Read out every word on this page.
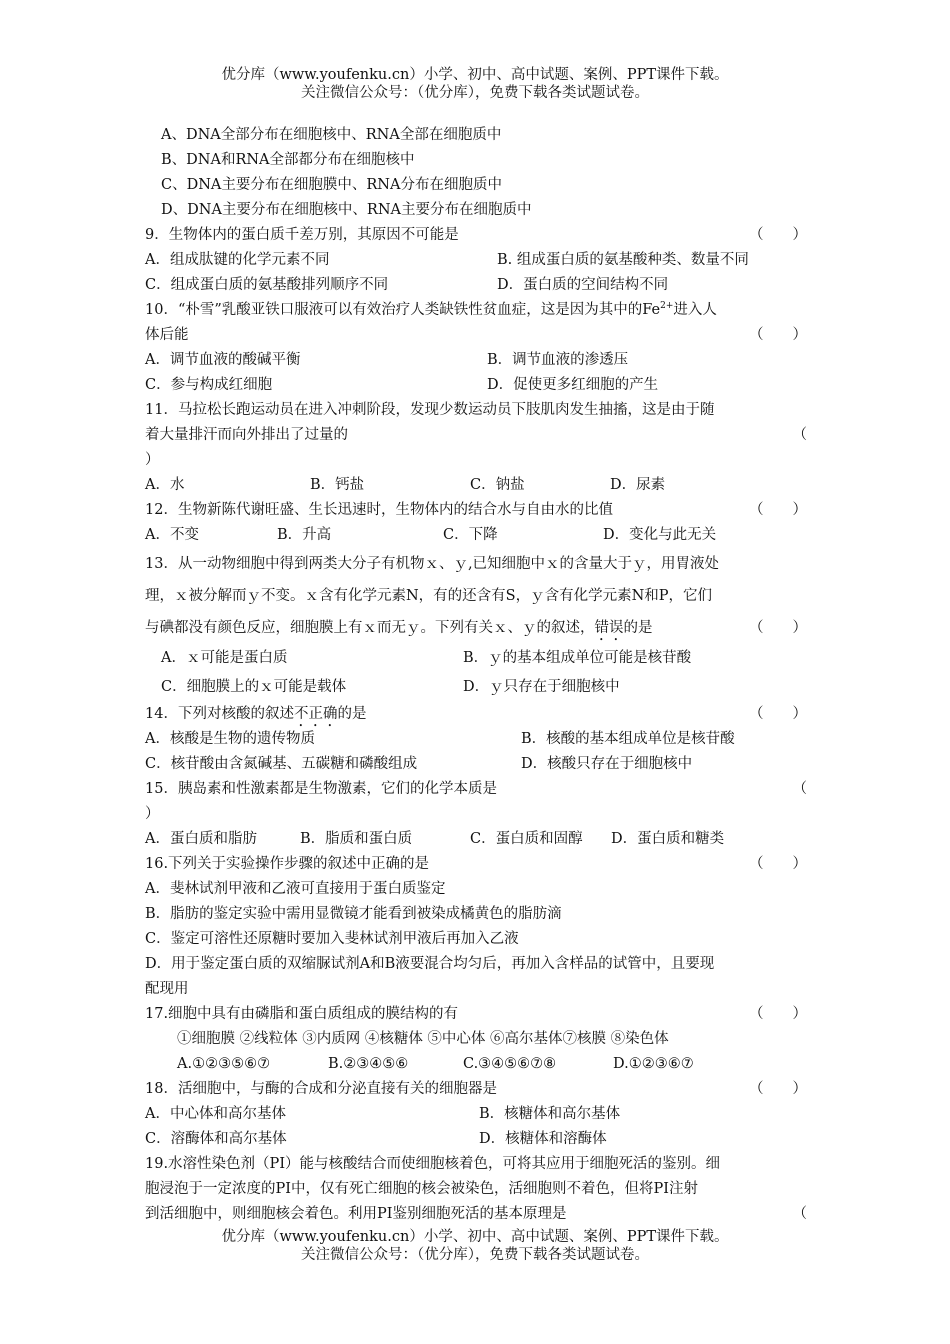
优分库（www.youfenku.cn）小学、初中、高中试题、案例、PPT课件下载。
关注微信公众号：（优分库），免费下载各类试题试卷。
A、DNA全部分布在细胞核中、RNA全部在细胞质中
B、DNA和RNA全部都分布在细胞核中
C、DNA主要分布在细胞膜中、RNA分布在细胞质中
D、DNA主要分布在细胞核中、RNA主要分布在细胞质中
9．生物体内的蛋白质千差万别，其原因不可能是	（　　）
A．组成肽键的化学元素不同	B. 组成蛋白质的氨基酸种类、数量不同
C．组成蛋白质的氨基酸排列顺序不同	D．蛋白质的空间结构不同
10．“朴雪”乳酸亚铁口服液可以有效治疗人类缺铁性贫血症，这是因为其中的$Fe^{2+}$进入人
体后能	（　　）
A．调节血液的酸碱平衡	B．调节血液的渗透压
C．参与构成红细胞	D．促使更多红细胞的产生
11．马拉松长跑运动员在进入冲刺阶段，发现少数运动员下肢肌肉发生抽搐，这是由于随
着大量排汗而向外排出了过量的	（
）
A．水	B．钙盐	C．钠盐	D．尿素
12．生物新陈代谢旺盛、生长迅速时，生物体内的结合水与自由水的比值	（　　）
A．不变	B．升高	C．下降	D．变化与此无关
13．从一动物细胞中得到两类大分子有机物ｘ、ｙ,已知细胞中ｘ的含量大于ｙ，用胃液处
理，ｘ被分解而ｙ不变。ｘ含有化学元素N，有的还含有S，ｙ含有化学元素N和P，它们
与碘都没有颜色反应，细胞膜上有ｘ而无ｙ。下列有关ｘ、ｙ的叙述，错误的是	（　　）
A．ｘ可能是蛋白质	B．ｙ的基本组成单位可能是核苷酸
C．细胞膜上的ｘ可能是载体	D．ｙ只存在于细胞核中
14．下列对核酸的叙述不正确的是	（　　）
A．核酸是生物的遗传物质	B．核酸的基本组成单位是核苷酸
C．核苷酸由含氮碱基、五碳糖和磷酸组成	D．核酸只存在于细胞核中
15．胰岛素和性激素都是生物激素，它们的化学本质是	（
）
A．蛋白质和脂肪	B．脂质和蛋白质	C．蛋白质和固醇 D．蛋白质和糖类
16.下列关于实验操作步骤的叙述中正确的是	（　　）
A．斐林试剂甲液和乙液可直接用于蛋白质鉴定
B．脂肪的鉴定实验中需用显微镜才能看到被染成橘黄色的脂肪滴
C．鉴定可溶性还原糖时要加入斐林试剂甲液后再加入乙液
D．用于鉴定蛋白质的双缩脲试剂A和B液要混合均匀后，再加入含样品的试管中，且要现
配现用
17.细胞中具有由磷脂和蛋白质组成的膜结构的有	（　　）
①细胞膜 ②线粒体 ③内质网 ④核糖体 ⑤中心体 ⑥高尔基体⑦核膜 ⑧染色体
A.①②③⑤⑥⑦	B.②③④⑤⑥	C.③④⑤⑥⑦⑧	D.①②③⑥⑦
18．活细胞中，与酶的合成和分泌直接有关的细胞器是	（　　）
A．中心体和高尔基体	B．核糖体和高尔基体
C．溶酶体和高尔基体	D．核糖体和溶酶体
19.水溶性染色剂（PI）能与核酸结合而使细胞核着色，可将其应用于细胞死活的鉴别。细
胞浸泡于一定浓度的PI中，仅有死亡细胞的核会被染色，活细胞则不着色，但将PI注射
到活细胞中，则细胞核会着色。利用PI鉴别细胞死活的基本原理是	（
优分库（www.youfenku.cn）小学、初中、高中试题、案例、PPT课件下载。
关注微信公众号：（优分库），免费下载各类试题试卷。
